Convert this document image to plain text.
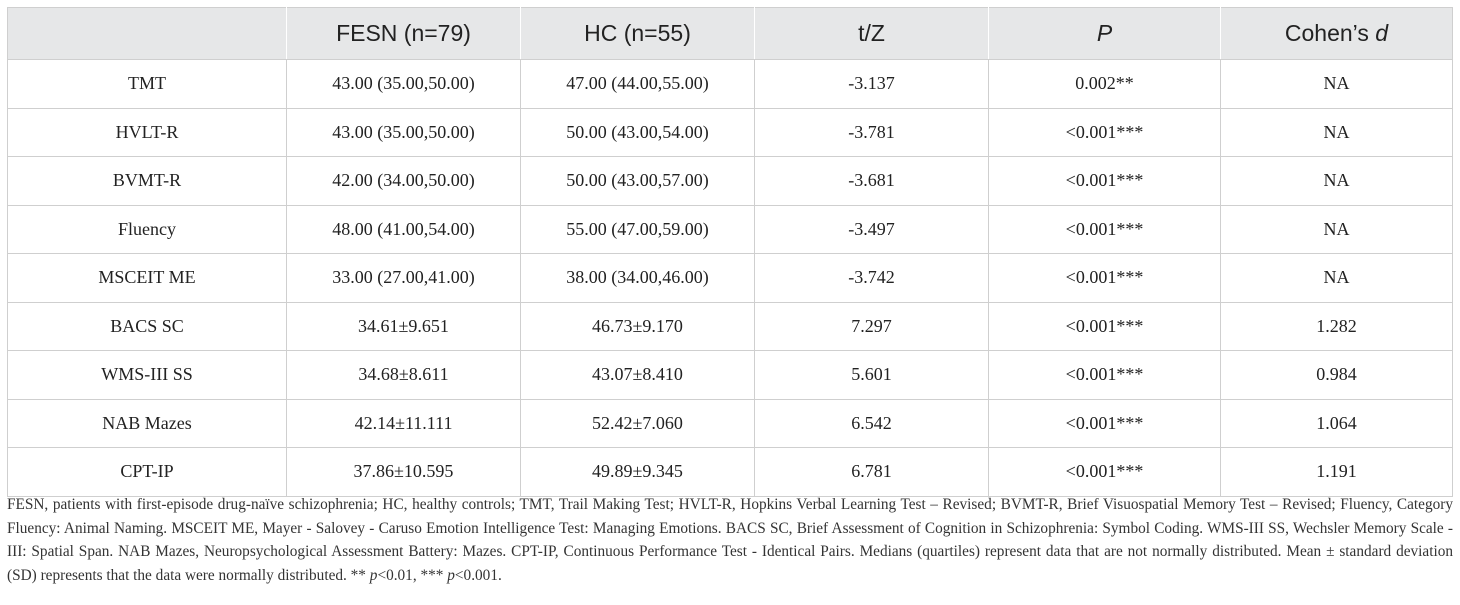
	FESN (n=79)	HC (n=55)	t/Z	P	Cohen’s d
TMT	43.00 (35.00,50.00)	47.00 (44.00,55.00)	-3.137	0.002**	NA
HVLT-R	43.00 (35.00,50.00)	50.00 (43.00,54.00)	-3.781	<0.001***	NA
BVMT-R	42.00 (34.00,50.00)	50.00 (43.00,57.00)	-3.681	<0.001***	NA
Fluency	48.00 (41.00,54.00)	55.00 (47.00,59.00)	-3.497	<0.001***	NA
MSCEIT ME	33.00 (27.00,41.00)	38.00 (34.00,46.00)	-3.742	<0.001***	NA
BACS SC	34.61±9.651	46.73±9.170	7.297	<0.001***	1.282
WMS-III SS	34.68±8.611	43.07±8.410	5.601	<0.001***	0.984
NAB Mazes	42.14±11.111	52.42±7.060	6.542	<0.001***	1.064
CPT-IP	37.86±10.595	49.89±9.345	6.781	<0.001***	1.191

FESN, patients with first-episode drug-naïve schizophrenia; HC, healthy controls; TMT, Trail Making Test; HVLT-R, Hopkins Verbal Learning Test – Revised; BVMT-R, Brief Visuospatial Memory Test – Revised; Fluency, Category Fluency: Animal Naming. MSCEIT ME, Mayer - Salovey - Caruso Emotion Intelligence Test: Managing Emotions. BACS SC, Brief Assessment of Cognition in Schizophrenia: Symbol Coding. WMS-III SS, Wechsler Memory Scale - III: Spatial Span. NAB Mazes, Neuropsychological Assessment Battery: Mazes. CPT-IP, Continuous Performance Test - Identical Pairs. Medians (quartiles) represent data that are not normally distributed. Mean ± standard deviation (SD) represents that the data were normally distributed. ** p<0.01, *** p<0.001.
